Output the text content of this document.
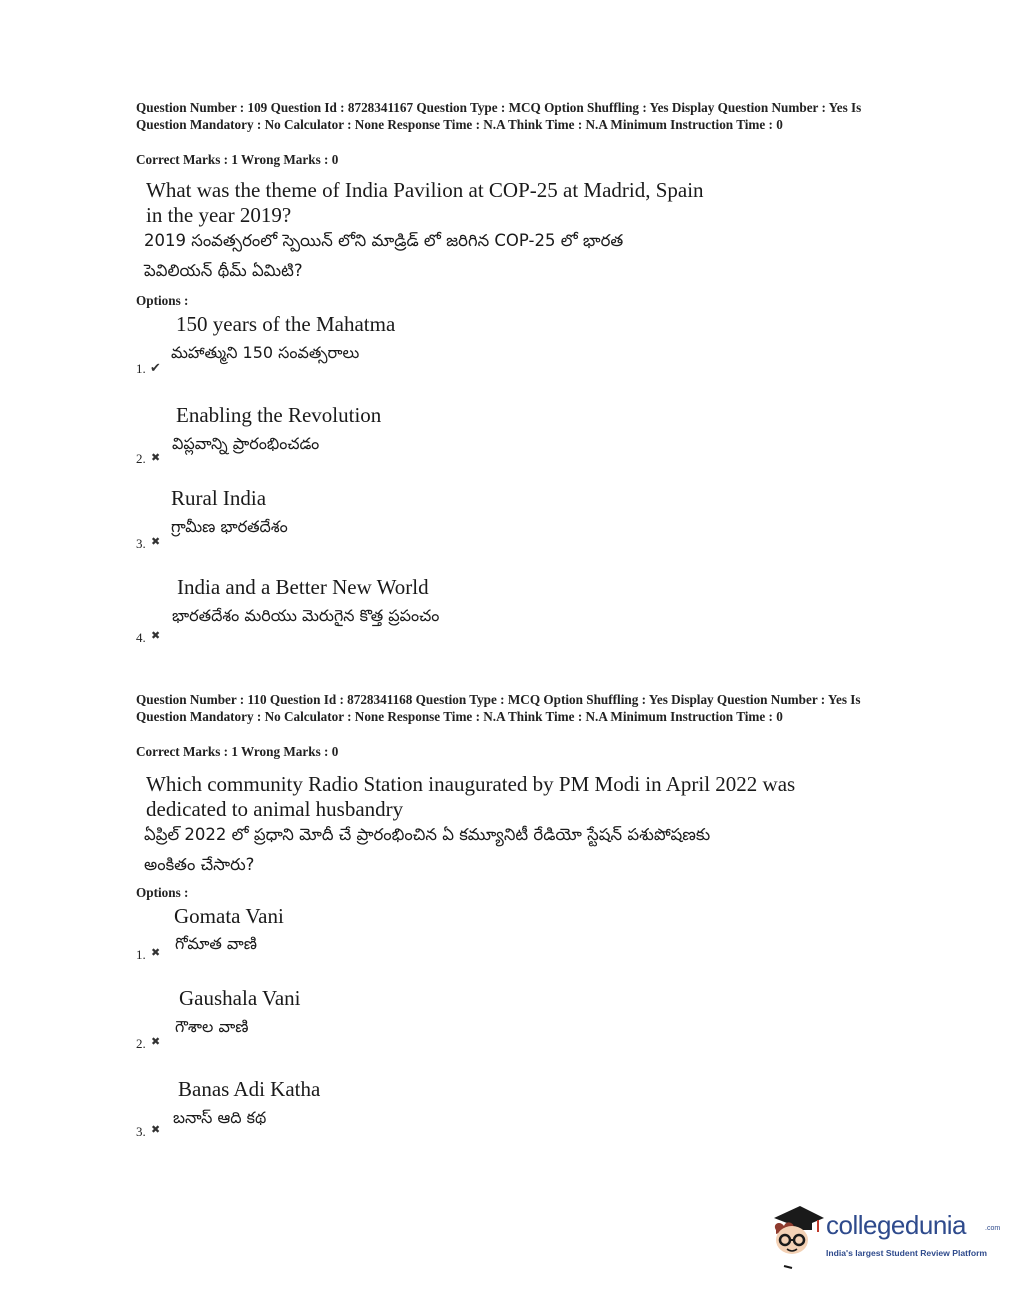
Question Number : 109 Question Id : 8728341167 Question Type : MCQ Option Shuffling : Yes Display Question Number : Yes Is Question Mandatory : No Calculator : None Response Time : N.A Think Time : N.A Minimum Instruction Time : 0
Correct Marks : 1 Wrong Marks : 0
What was the theme of India Pavilion at COP-25 at Madrid, Spain
in the year 2019?
2019 సంవత్సరంలో స్పెయిన్ లోని మాడ్రిడ్ లో జరిగిన COP-25 లో భారత
పెవిలియన్ థీమ్ ఏమిటి?
Options :
150 years of the Mahatma
మహాత్ముని 150 సంవత్సరాలు
1. ✔
Enabling the Revolution
విప్లవాన్ని ప్రారంభించడం
2. ✖
Rural India
గ్రామీణ భారతదేశం
3. ✖
India and a Better New World
భారతదేశం మరియు మెరుగైన కొత్త ప్రపంచం
4. ✖
Question Number : 110 Question Id : 8728341168 Question Type : MCQ Option Shuffling : Yes Display Question Number : Yes Is Question Mandatory : No Calculator : None Response Time : N.A Think Time : N.A Minimum Instruction Time : 0
Correct Marks : 1 Wrong Marks : 0
Which community Radio Station inaugurated by PM Modi in April 2022 was
dedicated to animal husbandry
ఏప్రిల్ 2022 లో ప్రధాని మోదీ చే ప్రారంభించిన ఏ కమ్యూనిటీ రేడియో స్టేషన్ పశుపోషణకు
అంకితం చేసారు?
Options :
Gomata Vani
గోమాత వాణి
1. ✖
Gaushala Vani
గౌశాల వాణి
2. ✖
Banas Adi Katha
బనాస్ ఆది కథ
3. ✖
collegedunia	.com
India's largest Student Review Platform
